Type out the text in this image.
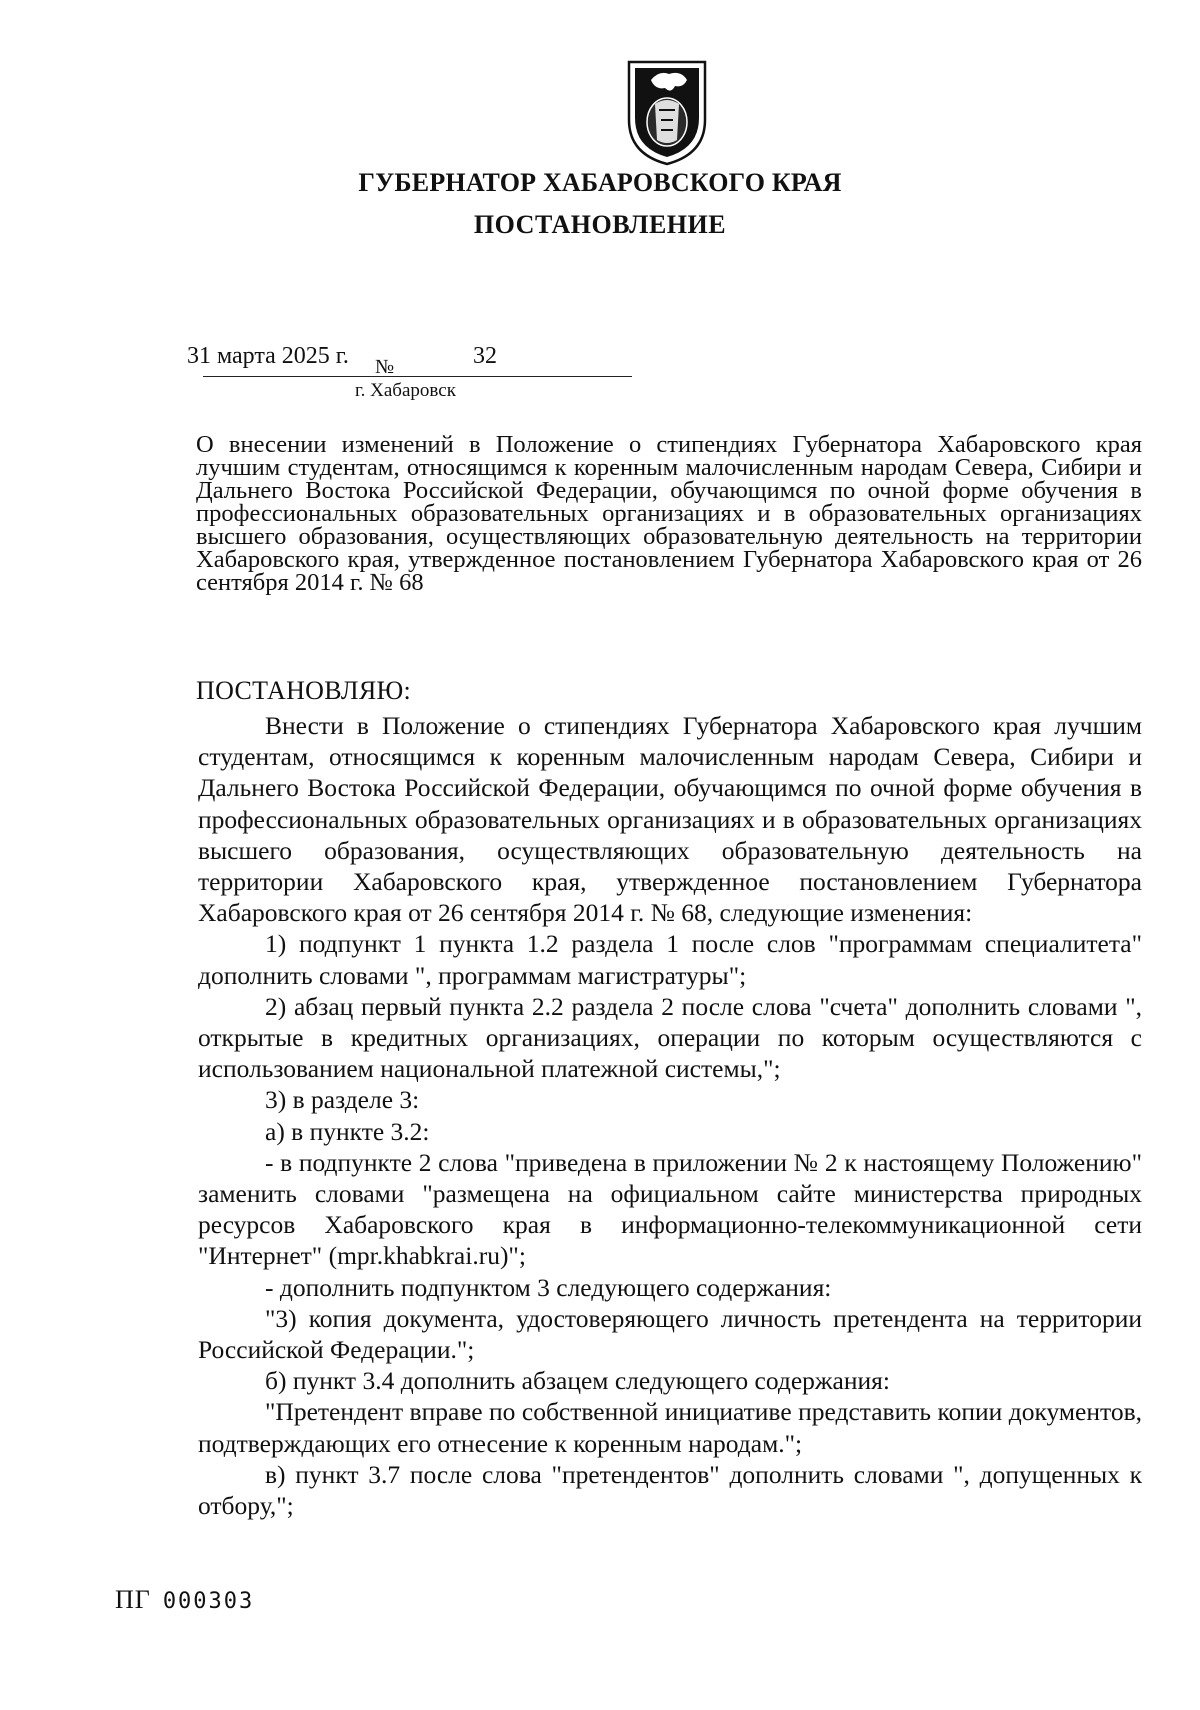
ГУБЕРНАТОР ХАБАРОВСКОГО КРАЯ
ПОСТАНОВЛЕНИЕ
31 марта 2025 г. №	32
г. Хабаровск
О внесении изменений в Положение о стипендиях Губернатора Хабаровского края лучшим студентам, относящимся к коренным малочисленным народам Севера, Сибири и Дальнего Востока Российской Федерации, обучающимся по очной форме обучения в профессиональных образовательных организациях и в образовательных организациях высшего образования, осуществляющих образовательную деятельность на территории Хабаровского края, утвержденное постановлением Губернатора Хабаровского края от 26 сентября 2014 г. № 68
ПОСТАНОВЛЯЮ:

Внести в Положение о стипендиях Губернатора Хабаровского края лучшим студентам, относящимся к коренным малочисленным народам Севера, Сибири и Дальнего Востока Российской Федерации, обучающимся по очной форме обучения в профессиональных образовательных организациях и в образовательных организациях высшего образования, осуществляющих образовательную деятельность на территории Хабаровского края, утвержденное постановлением Губернатора Хабаровского края от 26 сентября 2014 г. № 68, следующие изменения:

1) подпункт 1 пункта 1.2 раздела 1 после слов "программам специалитета" дополнить словами ", программам магистратуры";

2) абзац первый пункта 2.2 раздела 2 после слова "счета" дополнить словами ", открытые в кредитных организациях, операции по которым осуществляются с использованием национальной платежной системы,";

3) в разделе 3:

а) в пункте 3.2:

- в подпункте 2 слова "приведена в приложении № 2 к настоящему Положению" заменить словами "размещена на официальном сайте министерства природных ресурсов Хабаровского края в информационно-телекоммуникационной сети "Интернет" (mpr.khabkrai.ru)";

- дополнить подпунктом 3 следующего содержания:

"3) копия документа, удостоверяющего личность претендента на территории Российской Федерации.";

б) пункт 3.4 дополнить абзацем следующего содержания:

"Претендент вправе по собственной инициативе представить копии документов, подтверждающих его отнесение к коренным народам.";

в) пункт 3.7 после слова "претендентов" дополнить словами ", допущенных к отбору,";

ПГ 000303
